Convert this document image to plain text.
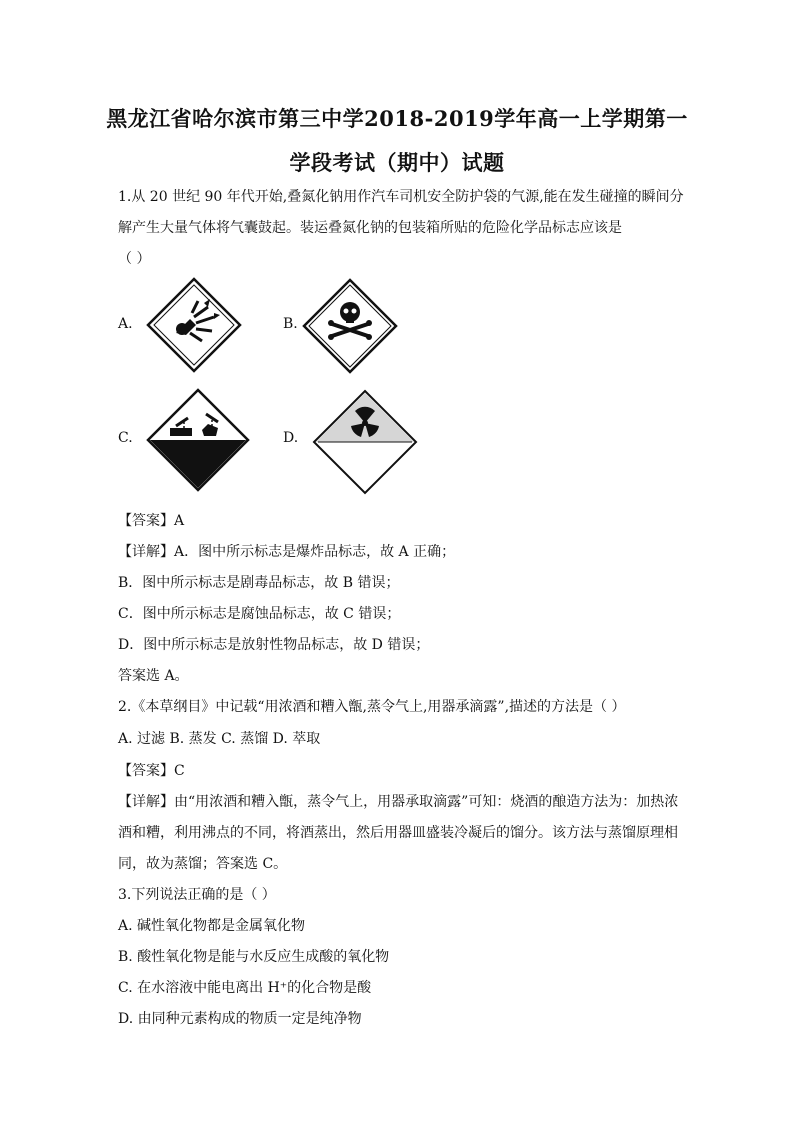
黑龙江省哈尔滨市第三中学2018-2019学年高一上学期第一
学段考试（期中）试题
1.从 20 世纪 90 年代开始,叠氮化钠用作汽车司机安全防护袋的气源,能在发生碰撞的瞬间分
解产生大量气体将气囊鼓起。装运叠氮化钠的包装箱所贴的危险化学品标志应该是
（ ）
A.	B.
C.	D.
【答案】A
【详解】A．图中所示标志是爆炸品标志，故 A 正确；
B．图中所示标志是剧毒品标志，故 B 错误；
C．图中所示标志是腐蚀品标志，故 C 错误；
D．图中所示标志是放射性物品标志，故 D 错误；
答案选 A。
2.《本草纲目》中记载“用浓酒和糟入甑,蒸令气上,用器承滴露”,描述的方法是（ ）
A. 过滤 B. 蒸发 C. 蒸馏 D. 萃取
【答案】C
【详解】由“用浓酒和糟入甑，蒸令气上，用器承取滴露”可知：烧酒的酿造方法为：加热浓
酒和糟，利用沸点的不同，将酒蒸出，然后用器皿盛装冷凝后的馏分。该方法与蒸馏原理相
同，故为蒸馏；答案选 C。
3.下列说法正确的是（ ）
A. 碱性氧化物都是金属氧化物
B. 酸性氧化物是能与水反应生成酸的氧化物
C. 在水溶液中能电离出 H⁺的化合物是酸
D. 由同种元素构成的物质一定是纯净物
